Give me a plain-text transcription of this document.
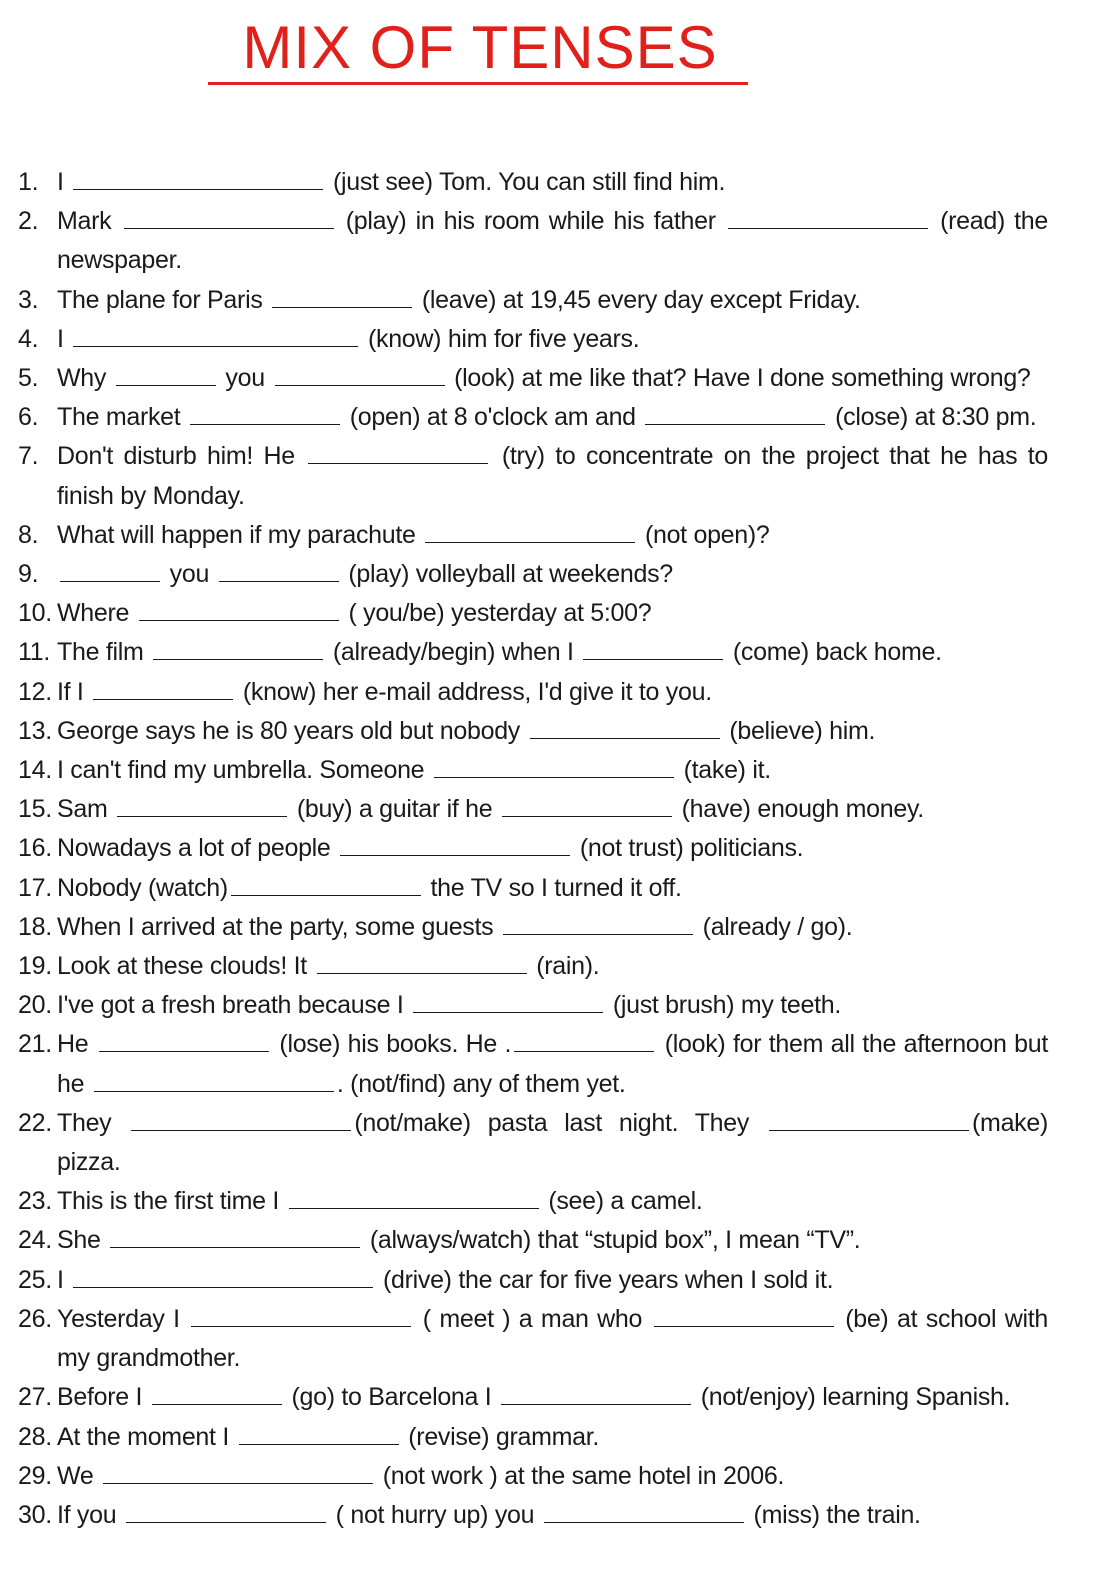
MIX OF TENSES
1. I	(just see) Tom. You can still find him.
2. Mark	(play) in his room while his father	(read) the newspaper.
3. The plane for Paris	(leave) at 19,45 every day except Friday.
4. I	(know) him for five years.
5. Why	you	(look) at me like that? Have I done something wrong?
6. The market	(open) at 8 o'clock am and	(close) at 8:30 pm.
7. Don't disturb him! He	(try) to concentrate on the project that he has to finish by Monday.
8. What will happen if my parachute	(not open)?
9.	you	(play) volleyball at weekends?
10. Where	( you/be) yesterday at 5:00?
11. The film	(already/begin) when I	(come) back home.
12. If I	(know) her e-mail address, I'd give it to you.
13. George says he is 80 years old but nobody	(believe) him.
14. I can't find my umbrella. Someone	(take) it.
15. Sam	(buy) a guitar if he	(have) enough money.
16. Nowadays a lot of people	(not trust) politicians.
17. Nobody (watch)	the TV so I turned it off.
18. When I arrived at the party, some guests	(already / go).
19. Look at these clouds! It	(rain).
20. I've got a fresh breath because I	(just brush) my teeth.
21. He	(lose) his books. He .	(look) for them all the afternoon but he	. (not/find) any of them yet.
22. They	(not/make) pasta last night. They	(make) pizza.
23. This is the first time I	(see) a camel.
24. She	(always/watch) that “stupid box”, I mean “TV”.
25. I	(drive) the car for five years when I sold it.
26. Yesterday I	( meet ) a man who	(be) at school with my grandmother.
27. Before I	(go) to Barcelona I	(not/enjoy) learning Spanish.
28. At the moment I	(revise) grammar.
29. We	(not work ) at the same hotel in 2006.
30. If you	( not hurry up) you	(miss) the train.
